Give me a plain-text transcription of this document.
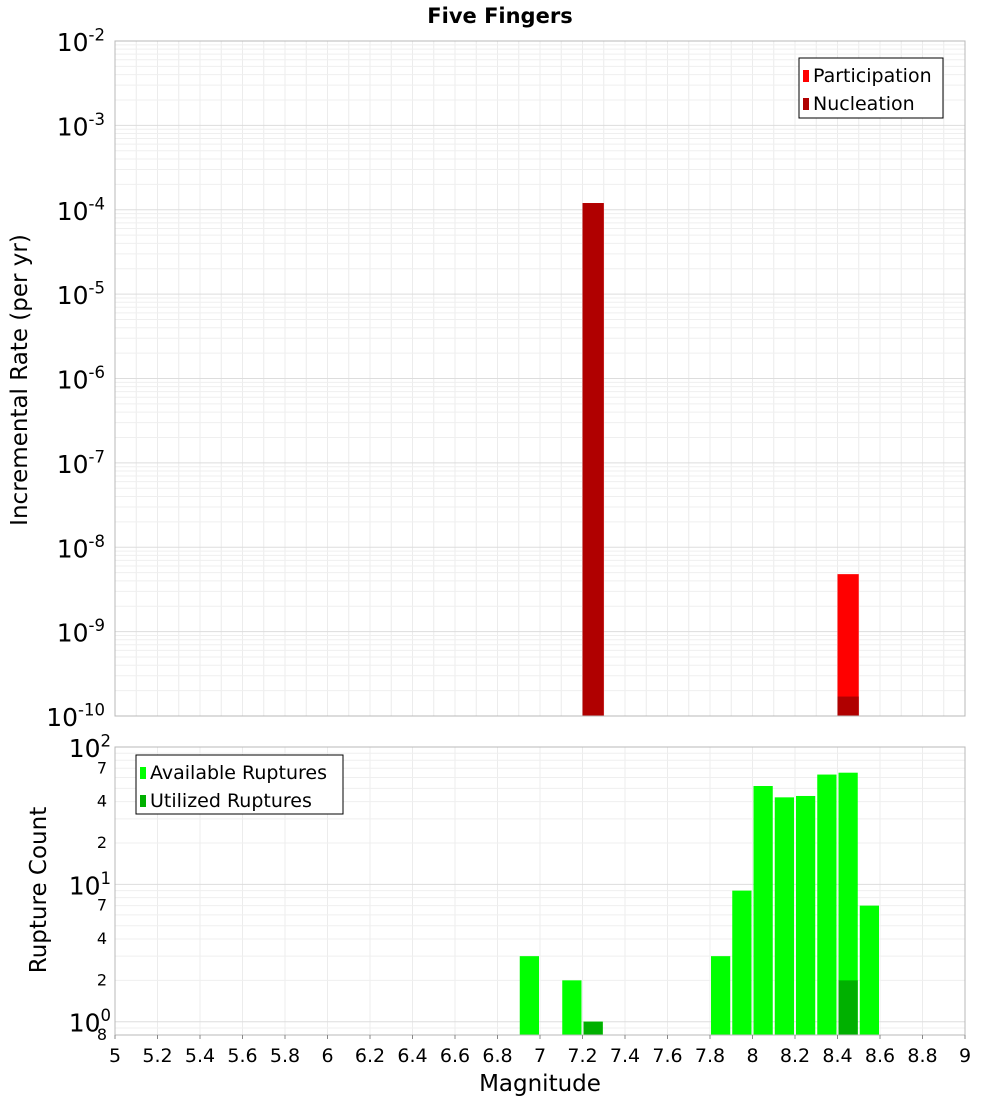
Five Fingers
Incremental Rate (per yr)
Rupture Count
Magnitude
$10^{-10}$
$10^{-9}$
$10^{-8}$
$10^{-7}$
$10^{-6}$
$10^{-5}$
$10^{-4}$
$10^{-3}$
$10^{-2}$
Participation
Nucleation
8
$10^0$
2
4
7
$10^1$
2
4
7
$10^2$
5 5.2 5.4 5.6 5.8 6 6.2 6.4 6.6 6.8 7 7.2 7.4 7.6 7.8 8 8.2 8.4 8.6 8.8 9
Available Ruptures
Utilized Ruptures
